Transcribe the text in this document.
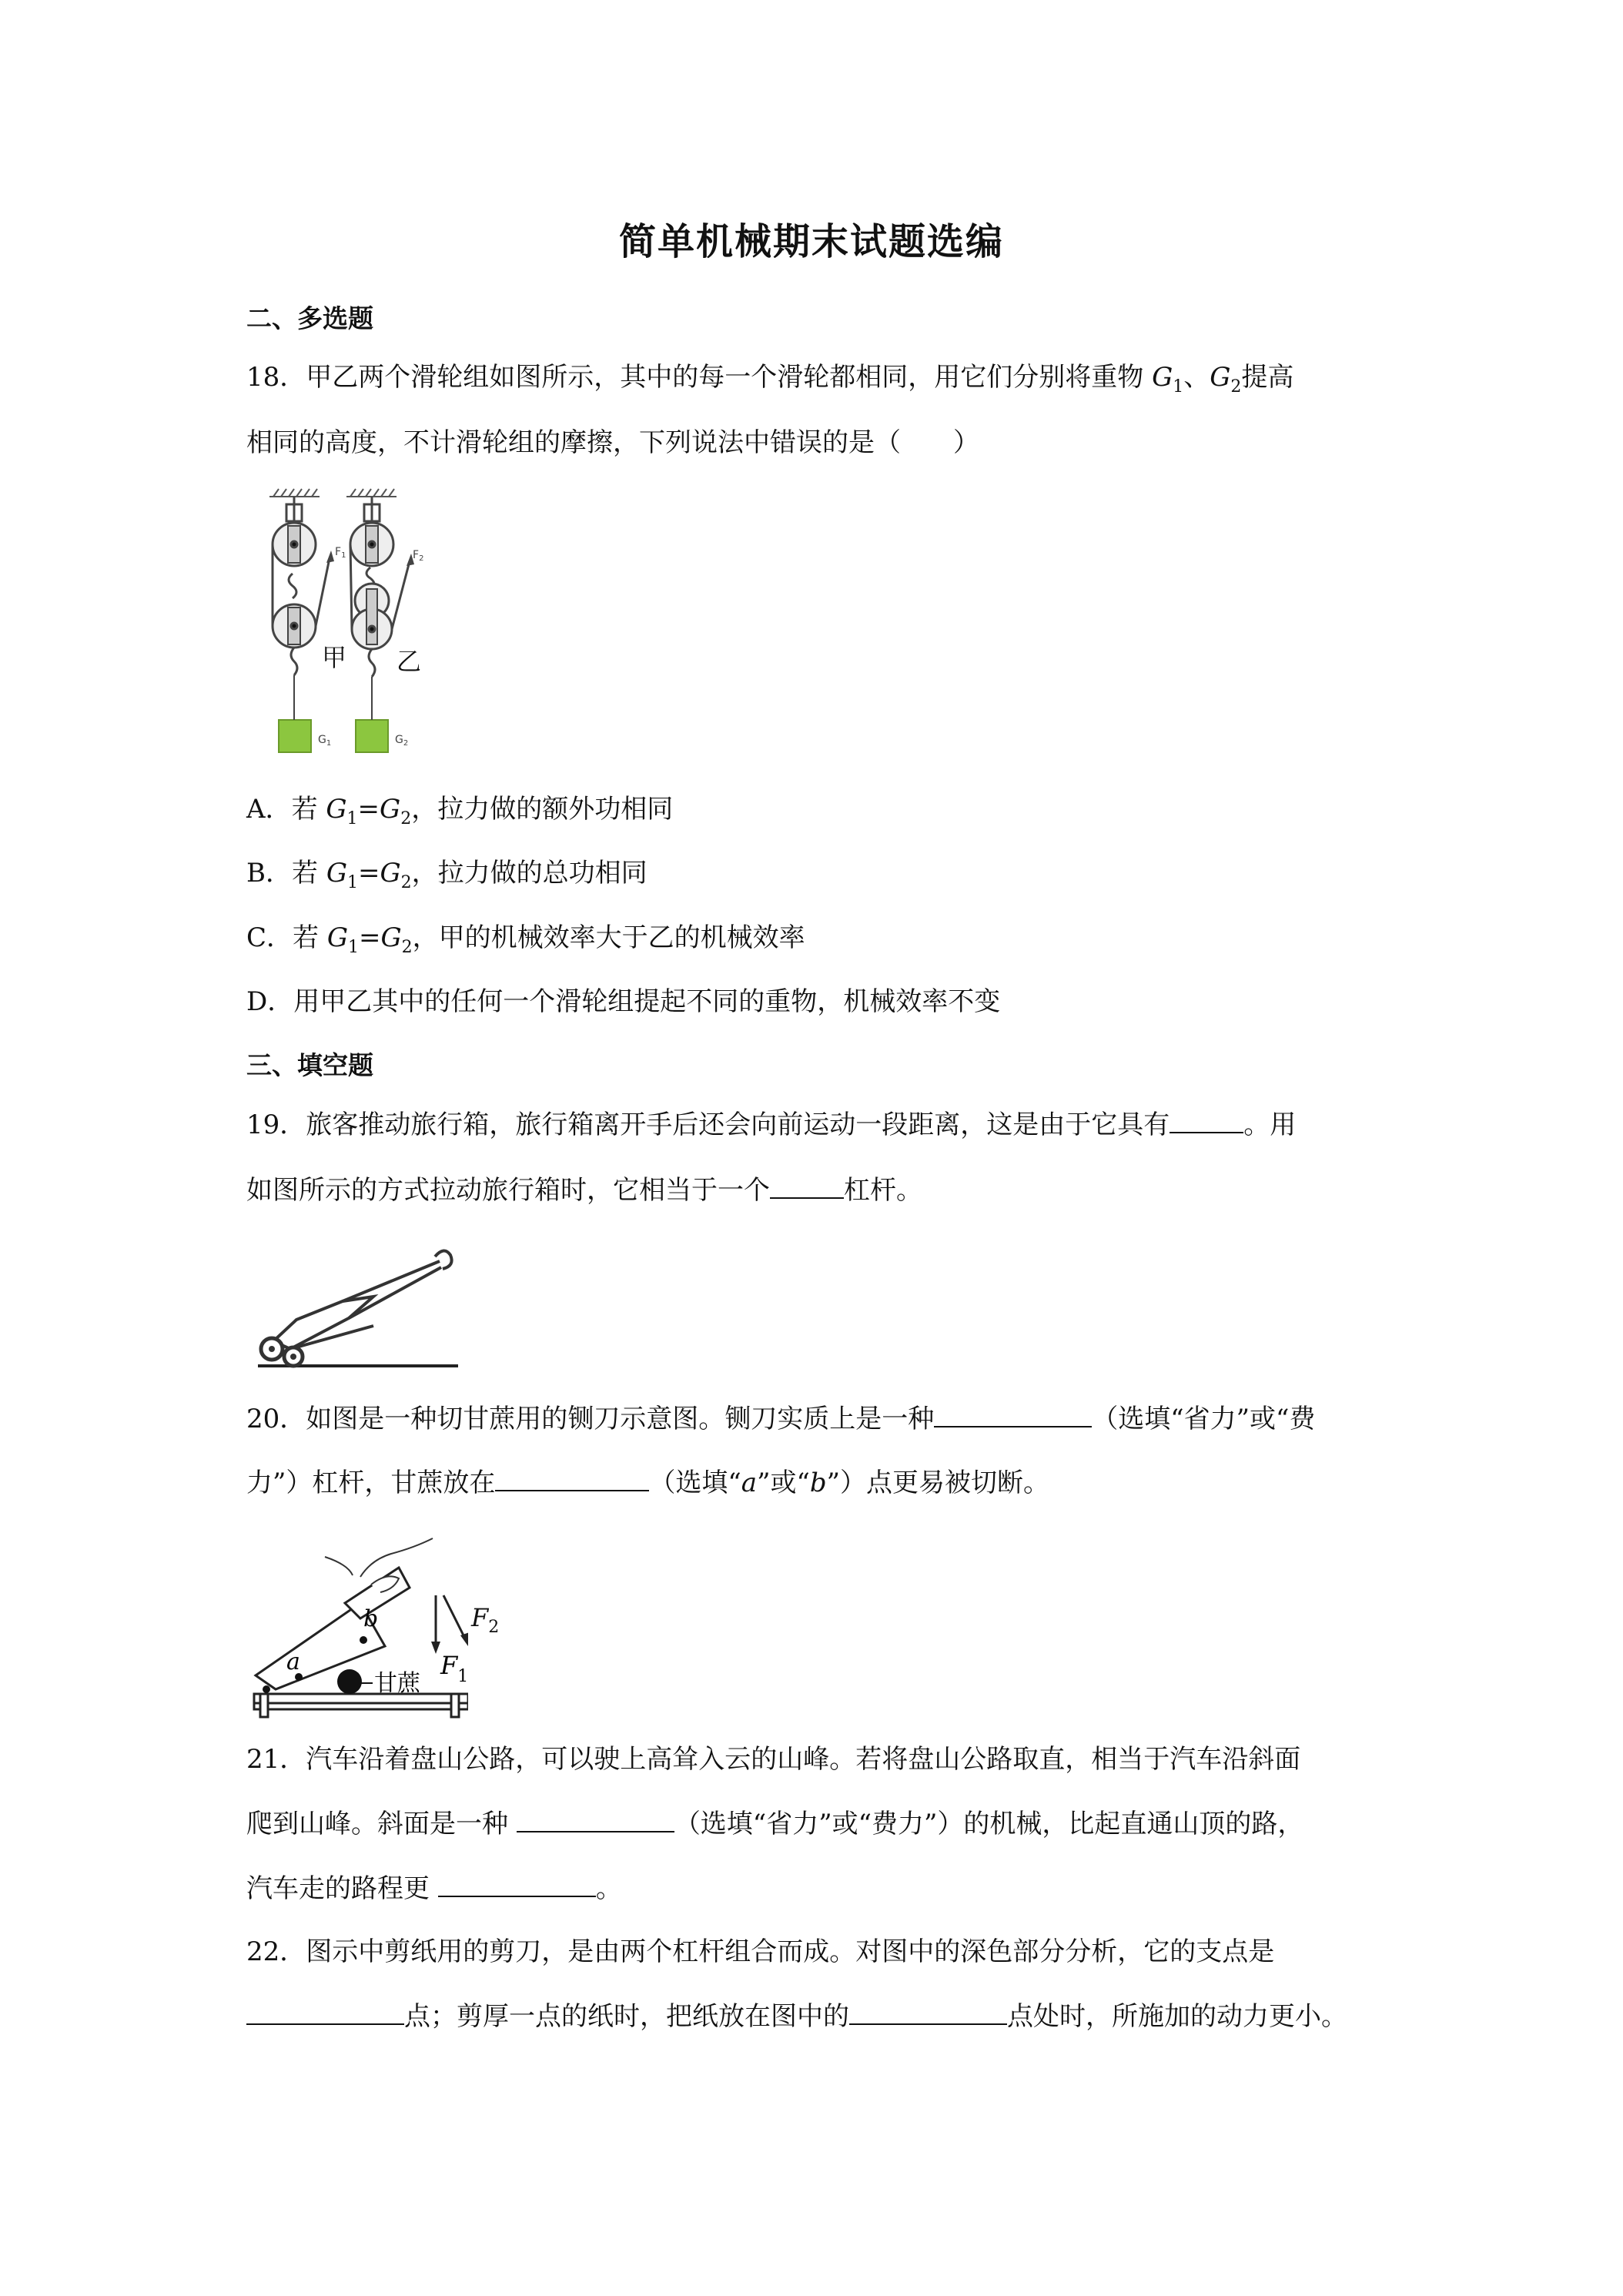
简单机械期末试题选编
二、多选题
18．甲乙两个滑轮组如图所示，其中的每一个滑轮都相同，用它们分别将重物 $G_1$、$G_2$提高
相同的高度，不计滑轮组的摩擦，下列说法中错误的是（　　）
$F_1$
甲
$G_1$
$F_2$
乙
$G_2$
A．若 $G_1=G_2$，拉力做的额外功相同
B．若 $G_1=G_2$，拉力做的总功相同
C．若 $G_1=G_2$，甲的机械效率大于乙的机械效率
D．用甲乙其中的任何一个滑轮组提起不同的重物，机械效率不变
三、填空题
19．旅客推动旅行箱，旅行箱离开手后还会向前运动一段距离，这是由于它具有	。用
如图所示的方式拉动旅行箱时，它相当于一个	杠杆。
20．如图是一种切甘蔗用的铡刀示意图。铡刀实质上是一种	（选填“省力”或“费
力”）杠杆，甘蔗放在	（选填“a”或“b”）点更易被切断。
a
b
甘蔗
$F_1$
$F_2$
21．汽车沿着盘山公路，可以驶上高耸入云的山峰。若将盘山公路取直，相当于汽车沿斜面
爬到山峰。斜面是一种	（选填“省力”或“费力”）的机械，比起直通山顶的路，
汽车走的路程更	。
22．图示中剪纸用的剪刀，是由两个杠杆组合而成。对图中的深色部分分析，它的支点是
点；剪厚一点的纸时，把纸放在图中的	点处时，所施加的动力更小。
